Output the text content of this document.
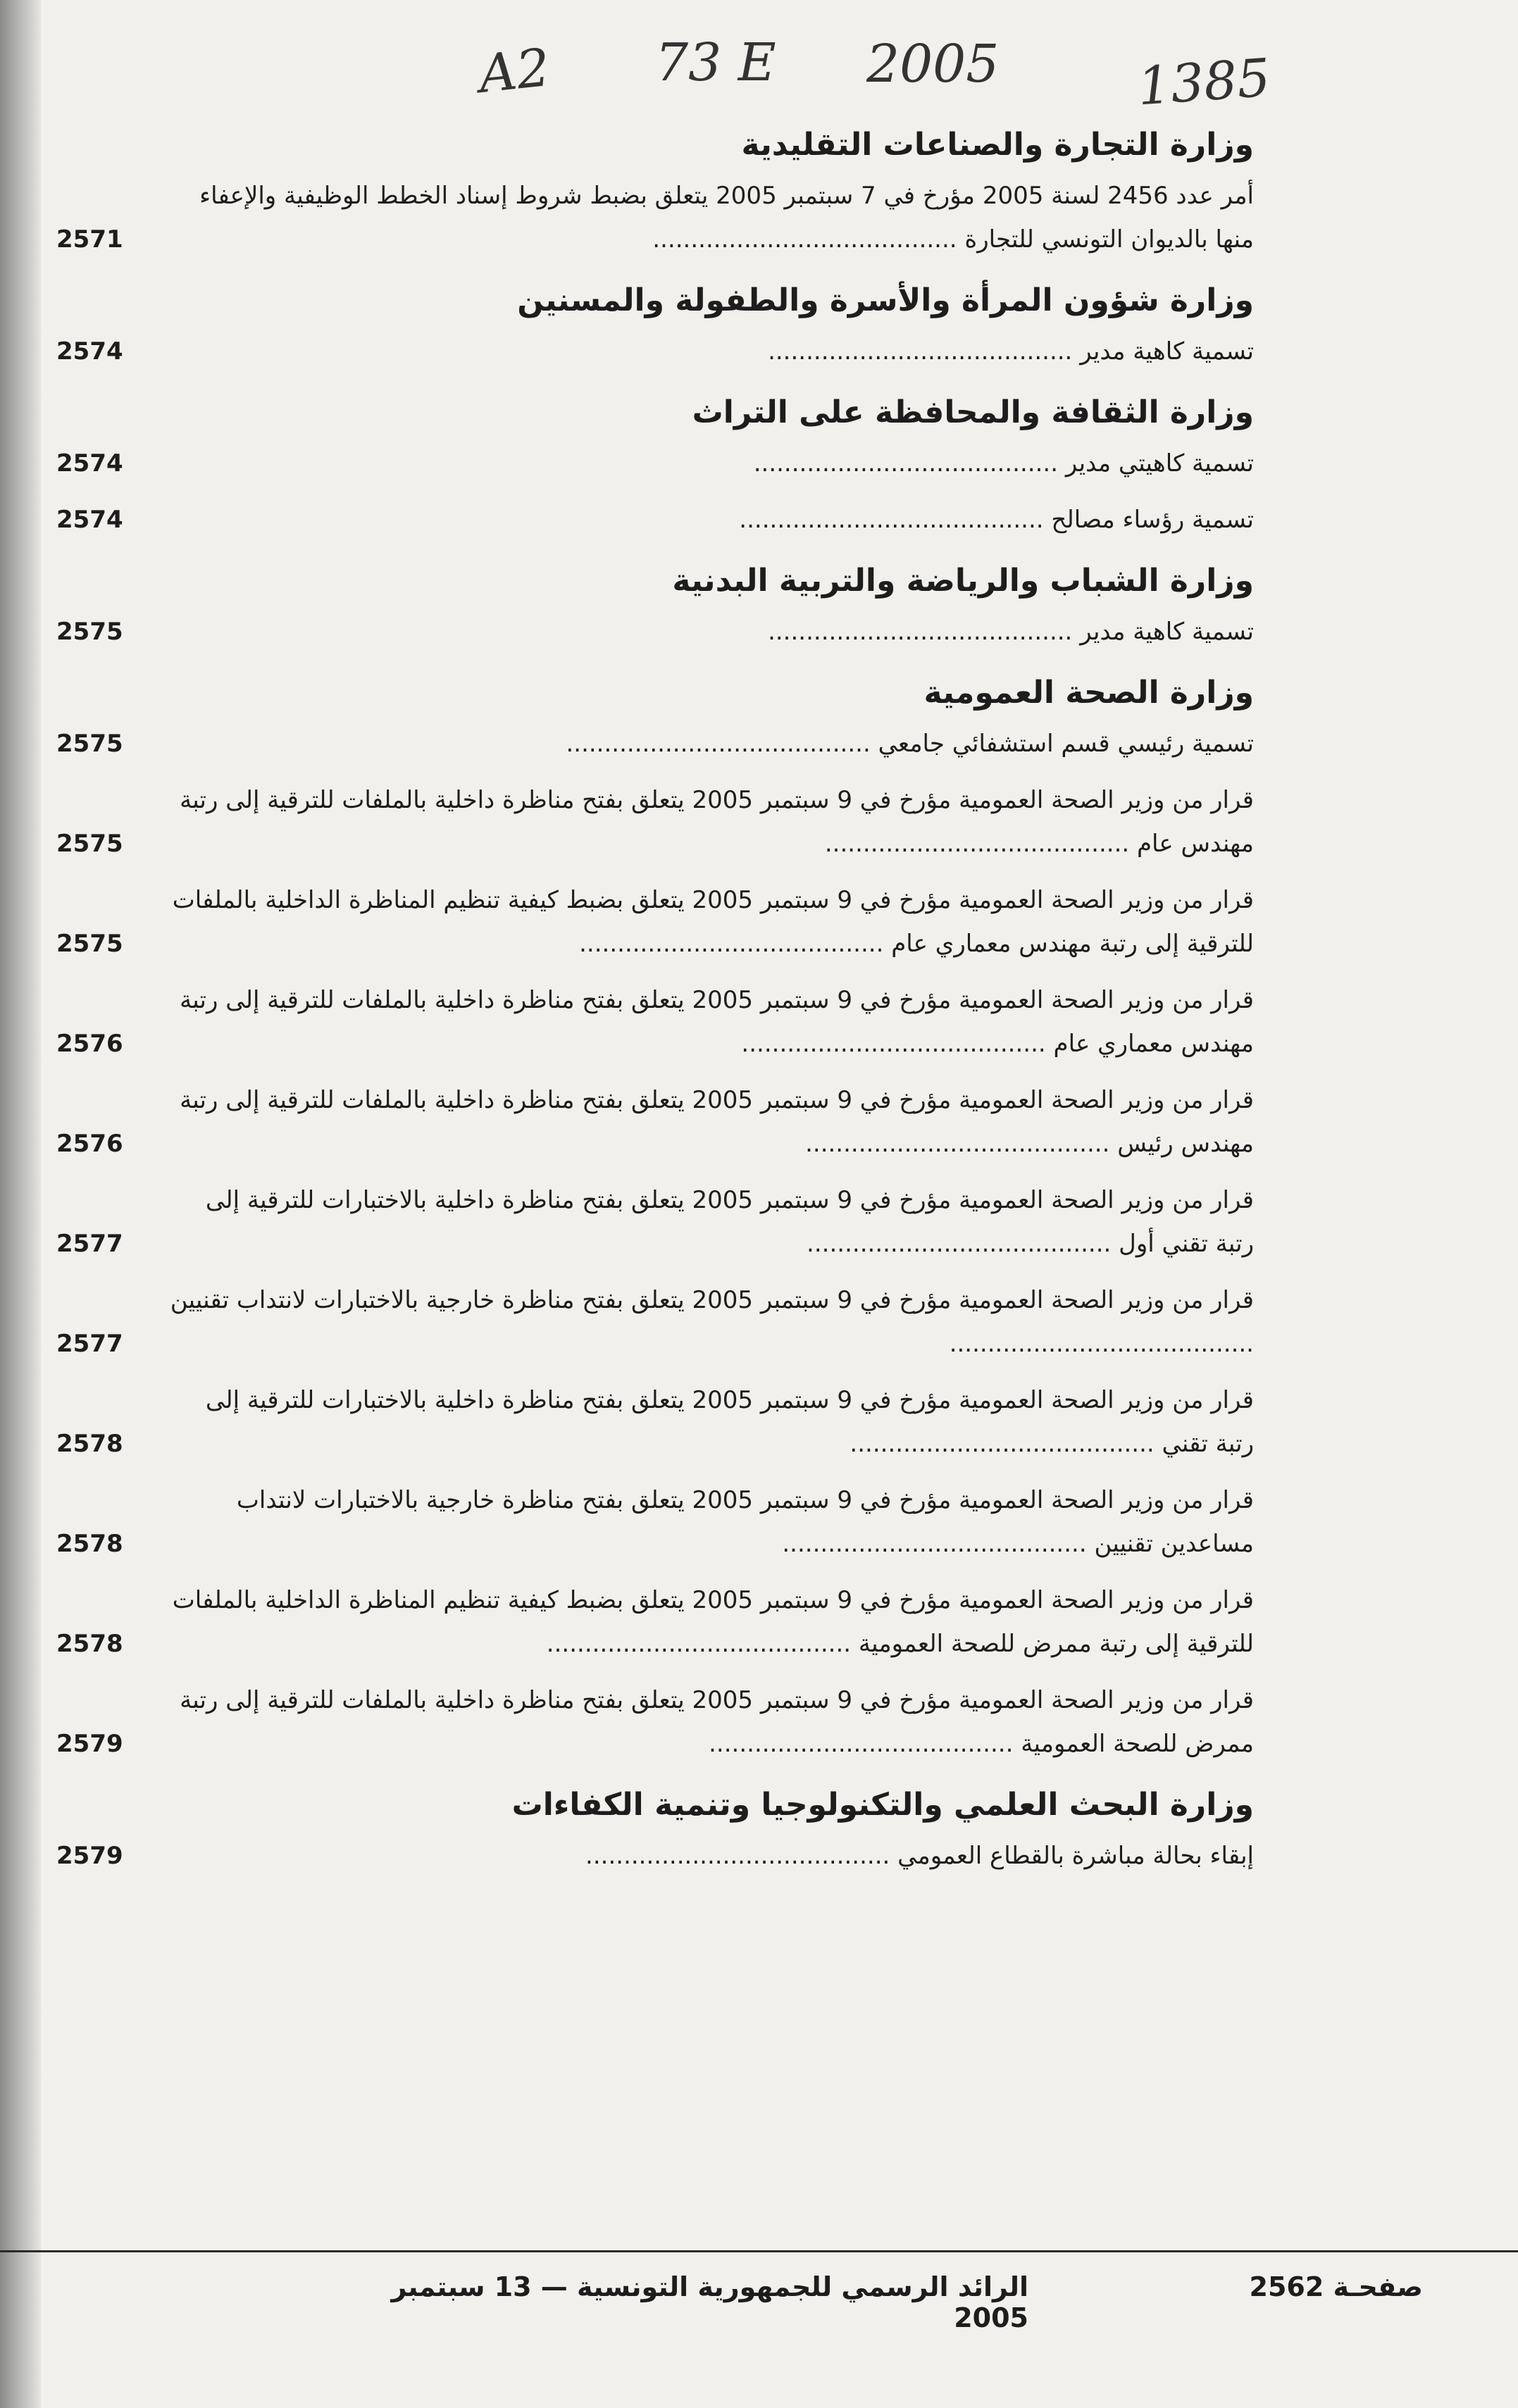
A2 73 E 2005	1385
وزارة التجارة والصناعات التقليدية
أمر عدد 2456 لسنة 2005 مؤرخ في 7 سبتمبر 2005 يتعلق بضبط شروط إسناد الخطط الوظيفية والإعفاء منها بالديوان التونسي للتجارة ........................................
2571
وزارة شؤون المرأة والأسرة والطفولة والمسنين
تسمية كاهية مدير ........................................
2574
وزارة الثقافة والمحافظة على التراث
تسمية كاهيتي مدير ........................................
2574
تسمية رؤساء مصالح ........................................
2574
وزارة الشباب والرياضة والتربية البدنية
تسمية كاهية مدير ........................................
2575
وزارة الصحة العمومية
تسمية رئيسي قسم استشفائي جامعي ........................................
2575
قرار من وزير الصحة العمومية مؤرخ في 9 سبتمبر 2005 يتعلق بفتح مناظرة داخلية بالملفات للترقية إلى رتبة مهندس عام ........................................
2575
قرار من وزير الصحة العمومية مؤرخ في 9 سبتمبر 2005 يتعلق بضبط كيفية تنظيم المناظرة الداخلية بالملفات للترقية إلى رتبة مهندس معماري عام ........................................
2575
قرار من وزير الصحة العمومية مؤرخ في 9 سبتمبر 2005 يتعلق بفتح مناظرة داخلية بالملفات للترقية إلى رتبة مهندس معماري عام ........................................
2576
قرار من وزير الصحة العمومية مؤرخ في 9 سبتمبر 2005 يتعلق بفتح مناظرة داخلية بالملفات للترقية إلى رتبة مهندس رئيس ........................................
2576
قرار من وزير الصحة العمومية مؤرخ في 9 سبتمبر 2005 يتعلق بفتح مناظرة داخلية بالاختبارات للترقية إلى رتبة تقني أول ........................................
2577
قرار من وزير الصحة العمومية مؤرخ في 9 سبتمبر 2005 يتعلق بفتح مناظرة خارجية بالاختبارات لانتداب تقنيين ........................................
2577
قرار من وزير الصحة العمومية مؤرخ في 9 سبتمبر 2005 يتعلق بفتح مناظرة داخلية بالاختبارات للترقية إلى رتبة تقني ........................................
2578
قرار من وزير الصحة العمومية مؤرخ في 9 سبتمبر 2005 يتعلق بفتح مناظرة خارجية بالاختبارات لانتداب مساعدين تقنيين ........................................
2578
قرار من وزير الصحة العمومية مؤرخ في 9 سبتمبر 2005 يتعلق بضبط كيفية تنظيم المناظرة الداخلية بالملفات للترقية إلى رتبة ممرض للصحة العمومية ........................................
2578
قرار من وزير الصحة العمومية مؤرخ في 9 سبتمبر 2005 يتعلق بفتح مناظرة داخلية بالملفات للترقية إلى رتبة ممرض للصحة العمومية ........................................
2579
وزارة البحث العلمي والتكنولوجيا وتنمية الكفاءات
إبقاء بحالة مباشرة بالقطاع العمومي ........................................
2579
صفحـة 2562
الرائد الرسمي للجمهورية التونسية — 13 سبتمبر 2005
